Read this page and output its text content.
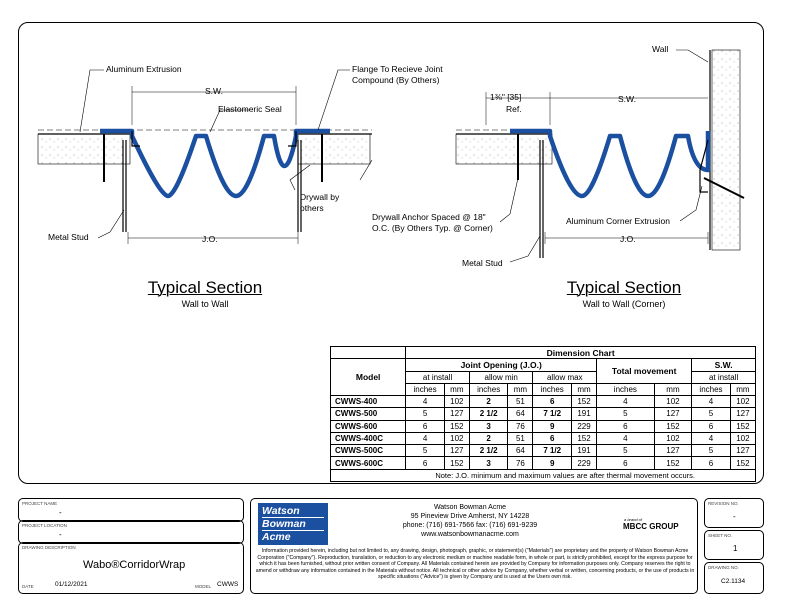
Aluminum Extrusion
S.W.
Flange To Recieve Joint Compound (By Others)
Elastomeric Seal
Drywall by others
Metal Stud	J.O.
Typical Section
Wall to Wall
Wall
1⅜" [35]
Ref.
S.W.
Drywall Anchor Spaced @ 18" O.C. (By Others Typ. @ Corner)
Aluminum Corner Extrusion
J.O.
Metal Stud
Typical Section
Wall to Wall (Corner)
	Dimension Chart									
Model	Joint Opening (J.O.)						Total movement		S.W.	
	at install		allow min		allow max				at install	
	inches	mm	inches	mm	inches	mm	inches	mm	inches	mm
CWWS-400	4	102	2	51	6	152	4	102	4	102
CWWS-500	5	127	2 1/2	64	7 1/2	191	5	127	5	127
CWWS-600	6	152	3	76	9	229	6	152	6	152
CWWS-400C	4	102	2	51	6	152	4	102	4	102
CWWS-500C	5	127	2 1/2	64	7 1/2	191	5	127	5	127
CWWS-600C	6	152	3	76	9	229	6	152	6	152
Note: J.O. minimum and maximum values are after thermal movement occurs.										
PROJECT NAME
-
PROJECT LOCATION
-
DRAWING DESCRIPTION
Wabo®CorridorWrap
DATE	01/12/2021	MODEL CWWS
Watson
Bowman
Acme
Watson Bowman Acme
95 Pineview Drive Amherst, NY 14228
phone: (716) 691-7566 fax: (716) 691-9239
www.watsonbowmanacme.com
a brand of
MBCC GROUP
Information provided herein, including but not limited to, any drawing, design, photograph, graphic, or statement(s) ("Materials") are proprietary and the property of Watson Bowman Acme Corporation ("Company"). Reproduction, translation, or reduction to any electronic medium or machine readable form, in whole or part, is strictly prohibited, except for the express purpose for which it has been furnished, without prior written consent of Company. All Materials contained herein are provided by Company for information purposes only. Company reserves the right to amend or withdraw any information contained in the Materials without notice. All technical or other advice by Company, whether verbal or written, concerning products, or the use of products in specific situations ("Advice") is given by Company and is used at the Users own risk.
REVISION NO.
-
SHEET NO.
1
DRAWING NO.
C2.1134
